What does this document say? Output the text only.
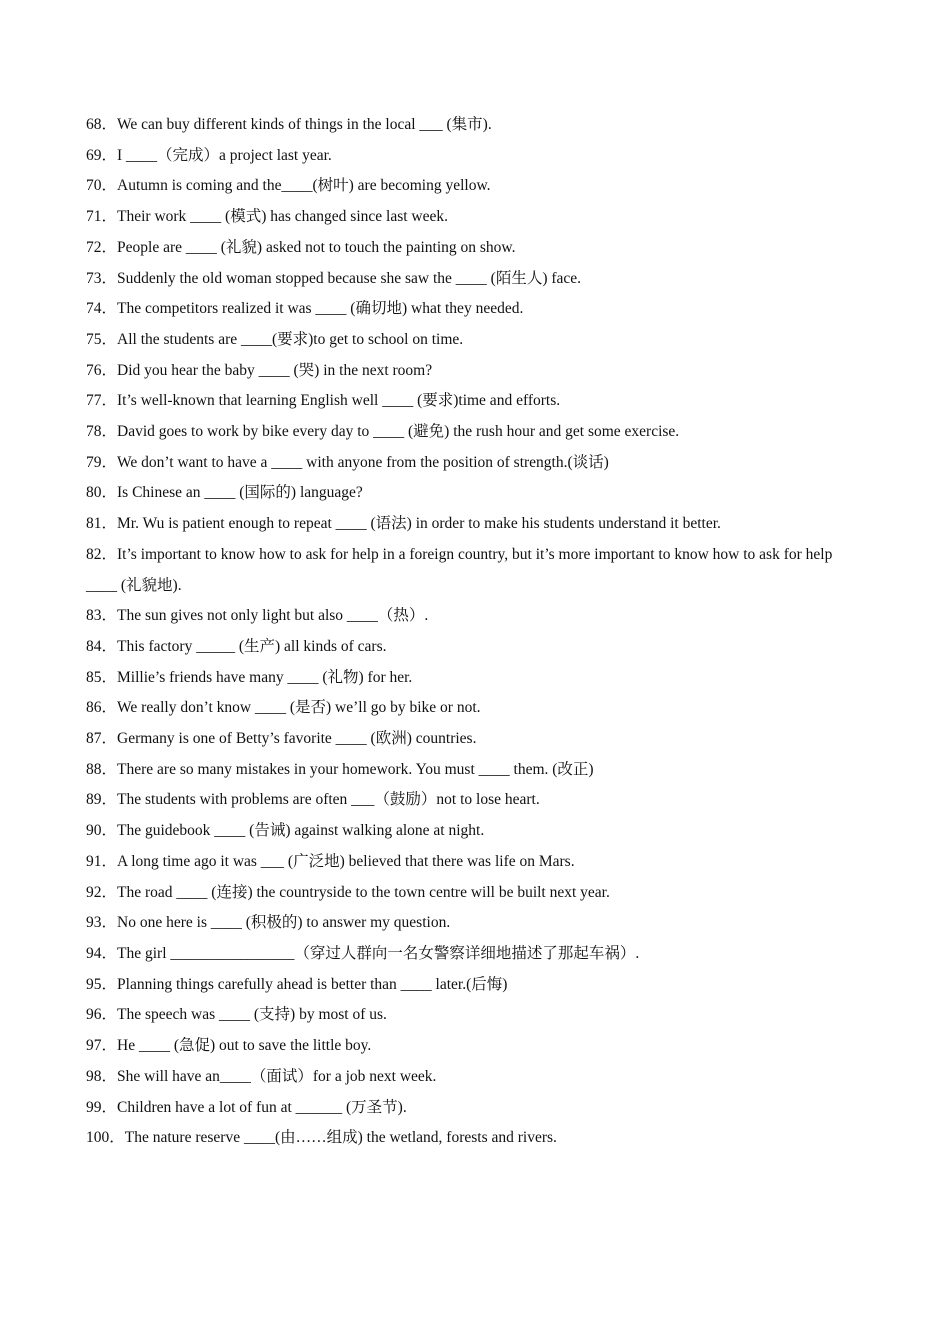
68．We can buy different kinds of things in the local ___ (集市).
69．I ____（完成）a project last year.
70．Autumn is coming and the____(树叶) are becoming yellow.
71．Their work ____ (模式) has changed since last week.
72．People are ____ (礼貌) asked not to touch the painting on show.
73．Suddenly the old woman stopped because she saw the ____ (陌生人) face.
74．The competitors realized it was ____ (确切地) what they needed.
75．All the students are ____(要求)to get to school on time.
76．Did you hear the baby ____ (哭) in the next room?
77．It’s well-known that learning English well ____ (要求)time and efforts.
78．David goes to work by bike every day to ____ (避免) the rush hour and get some exercise.
79．We don’t want to have a ____ with anyone from the position of strength.(谈话)
80．Is Chinese an ____ (国际的) language?
81．Mr. Wu is patient enough to repeat ____ (语法) in order to make his students understand it better.
82．It’s important to know how to ask for help in a foreign country, but it’s more important to know how to ask for help ____ (礼貌地).
83．The sun gives not only light but also ____（热）.
84．This factory _____ (生产) all kinds of cars.
85．Millie’s friends have many ____ (礼物) for her.
86．We really don’t know ____ (是否) we’ll go by bike or not.
87．Germany is one of Betty’s favorite ____ (欧洲) countries.
88．There are so many mistakes in your homework. You must ____ them. (改正)
89．The students with problems are often ___（鼓励）not to lose heart.
90．The guidebook ____ (告诫) against walking alone at night.
91．A long time ago it was ___ (广泛地) believed that there was life on Mars.
92．The road ____ (连接) the countryside to the town centre will be built next year.
93．No one here is ____ (积极的) to answer my question.
94．The girl ________________（穿过人群向一名女警察详细地描述了那起车祸）.
95．Planning things carefully ahead is better than ____ later.(后悔)
96．The speech was ____ (支持) by most of us.
97．He ____ (急促) out to save the little boy.
98．She will have an____（面试）for a job next week.
99．Children have a lot of fun at ______ (万圣节).
100．The nature reserve ____(由……组成) the wetland, forests and rivers.
